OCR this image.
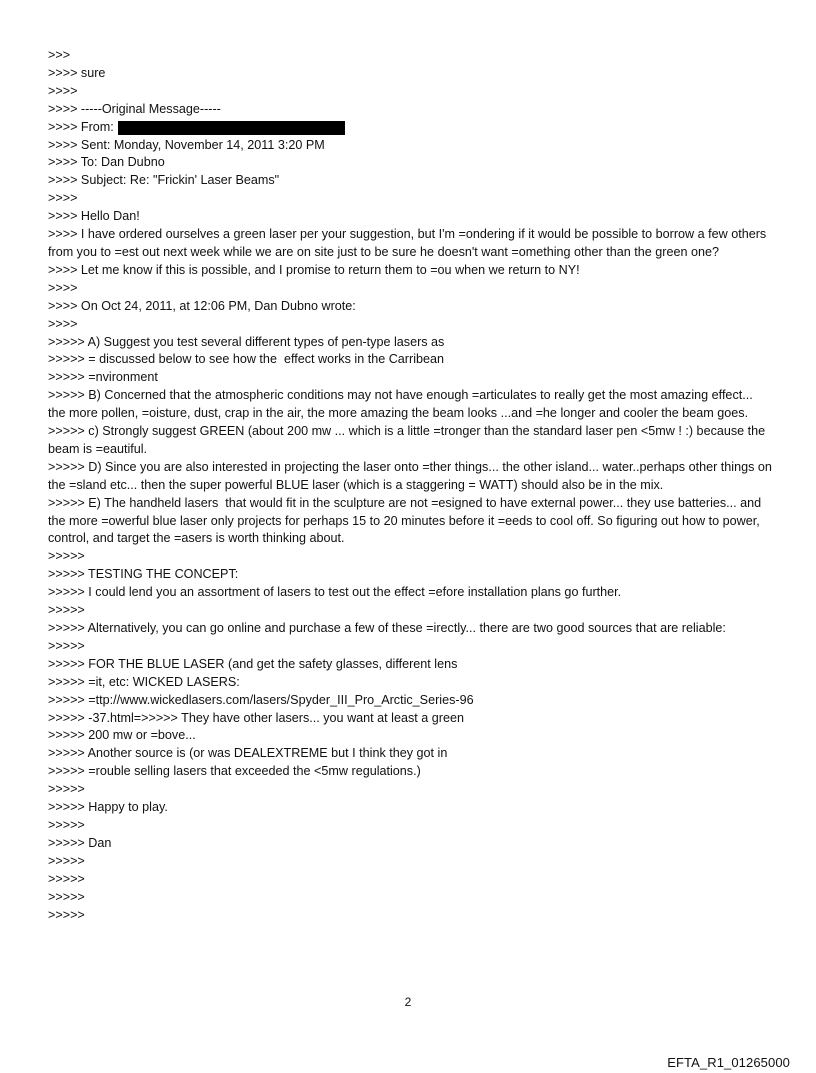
>>>

>>>> sure

>>>>

>>>> -----Original Message-----

>>>> From:

>>>> Sent: Monday, November 14, 2011 3:20 PM

>>>> To: Dan Dubno

>>>> Subject: Re: "Frickin' Laser Beams"

>>>>

>>>> Hello Dan!

>>>> I have ordered ourselves a green laser per your suggestion, but I'm =ondering if it would be possible to borrow a few others from you to =est out next week while we are on site just to be sure he doesn't want =omething other than the green one?

>>>> Let me know if this is possible, and I promise to return them to =ou when we return to NY!

>>>>

>>>> On Oct 24, 2011, at 12:06 PM, Dan Dubno wrote:

>>>>

>>>>> A) Suggest you test several different types of pen-type lasers as

>>>>> = discussed below to see how the  effect works in the Carribean

>>>>> =nvironment

>>>>> B) Concerned that the atmospheric conditions may not have enough =articulates to really get the most amazing effect... the more pollen, =oisture, dust, crap in the air, the more amazing the beam looks ...and =he longer and cooler the beam goes.

>>>>> c) Strongly suggest GREEN (about 200 mw ... which is a little =tronger than the standard laser pen <5mw ! :) because the beam is =eautiful.

>>>>> D) Since you are also interested in projecting the laser onto =ther things... the other island... water..perhaps other things on the =sland etc... then the super powerful BLUE laser (which is a staggering = WATT) should also be in the mix.

>>>>> E) The handheld lasers  that would fit in the sculpture are not =esigned to have external power... they use batteries... and the more =owerful blue laser only projects for perhaps 15 to 20 minutes before it =eeds to cool off. So figuring out how to power, control, and target the =asers is worth thinking about.

>>>>>

>>>>> TESTING THE CONCEPT:

>>>>> I could lend you an assortment of lasers to test out the effect =efore installation plans go further.

>>>>>

>>>>> Alternatively, you can go online and purchase a few of these =irectly... there are two good sources that are reliable:

>>>>>

>>>>> FOR THE BLUE LASER (and get the safety glasses, different lens

>>>>> =it, etc: WICKED LASERS:

>>>>> =ttp://www.wickedlasers.com/lasers/Spyder_III_Pro_Arctic_Series-96

>>>>> -37.html=>>>>> They have other lasers... you want at least a green

>>>>> 200 mw or =bove...

>>>>> Another source is (or was DEALEXTREME but I think they got in

>>>>> =rouble selling lasers that exceeded the <5mw regulations.)

>>>>>

>>>>> Happy to play.

>>>>>

>>>>> Dan

>>>>>

>>>>>

>>>>>

>>>>>

2
EFTA_R1_01265000
